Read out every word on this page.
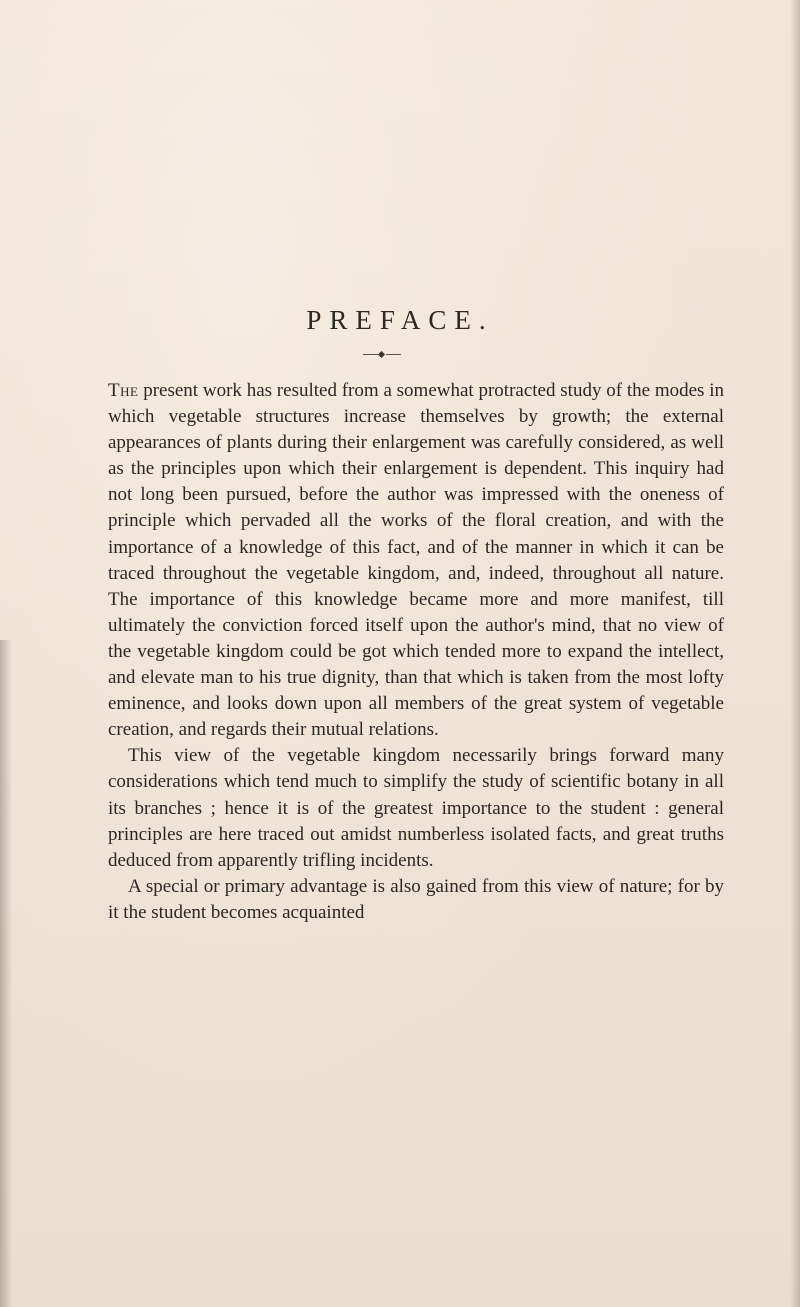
PREFACE.

The present work has resulted from a somewhat protracted study of the modes in which vegetable structures increase themselves by growth; the external appearances of plants during their enlargement was carefully considered, as well as the principles upon which their enlargement is dependent. This inquiry had not long been pursued, before the author was impressed with the oneness of principle which pervaded all the works of the floral creation, and with the importance of a knowledge of this fact, and of the manner in which it can be traced throughout the vegetable kingdom, and, indeed, throughout all nature. The importance of this knowledge became more and more manifest, till ultimately the conviction forced itself upon the author's mind, that no view of the vegetable kingdom could be got which tended more to expand the intellect, and elevate man to his true dignity, than that which is taken from the most lofty eminence, and looks down upon all members of the great system of vegetable creation, and regards their mutual relations.

This view of the vegetable kingdom necessarily brings forward many considerations which tend much to simplify the study of scientific botany in all its branches ; hence it is of the greatest importance to the student : general principles are here traced out amidst numberless isolated facts, and great truths deduced from apparently trifling incidents.

A special or primary advantage is also gained from this view of nature; for by it the student becomes acquainted
